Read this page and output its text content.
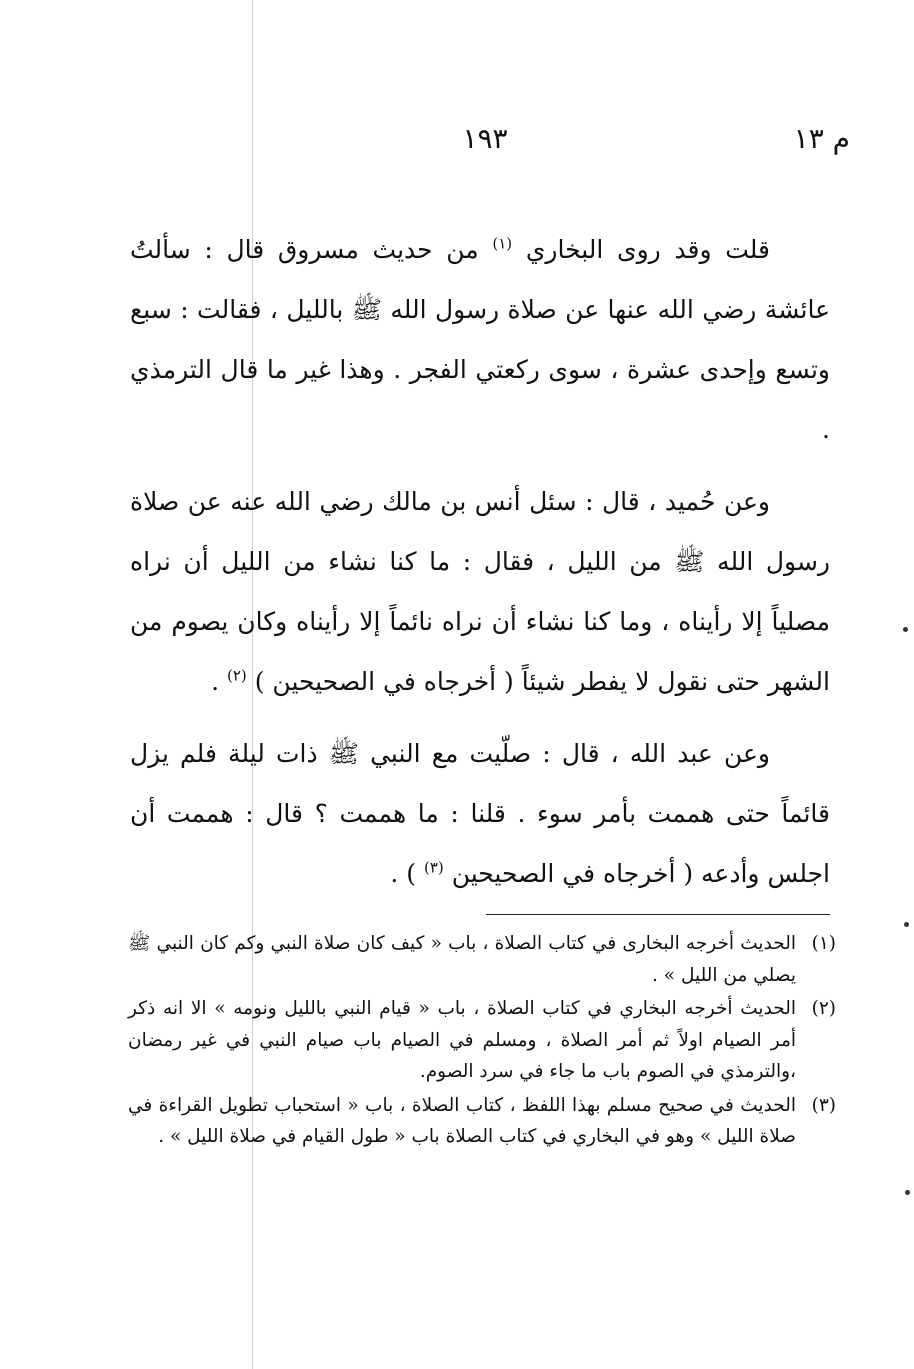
١٩٣	م ١٣

قلت وقد روى البخاري $^{(١)}$ من حديث مسروق قال : سألتُ عائشة رضي الله عنها عن صلاة رسول الله ﷺ بالليل ، فقالت : سبع وتسع وإحدى عشرة ، سوى ركعتي الفجر . وهذا غير ما قال الترمذي .

وعن حُميد ، قال : سئل أنس بن مالك رضي الله عنه عن صلاة رسول الله ﷺ من الليل ، فقال : ما كنا نشاء من الليل أن نراه مصلياً إلا رأيناه ، وما كنا نشاء أن نراه نائماً إلا رأيناه وكان يصوم من الشهر حتى نقول لا يفطر شيئاً ( أخرجاه في الصحيحين ) $^{(٢)}$ .

وعن عبد الله ، قال : صلّيت مع النبي ﷺ ذات ليلة فلم يزل قائماً حتى هممت بأمر سوء . قلنا : ما هممت ؟ قال : هممت أن اجلس وأدعه ( أخرجاه في الصحيحين $^{(٣)}$ ) .

(١)
الحديث أخرجه البخارى في كتاب الصلاة ، باب « كيف كان صلاة النبي وكم كان النبي ﷺ يصلي من الليل » .
(٢)
الحديث أخرجه البخاري في كتاب الصلاة ، باب « قيام النبي بالليل ونومه » الا انه ذكر أمر الصيام اولاً ثم أمر الصلاة ، ومسلم في الصيام باب صيام النبي في غير رمضان ،والترمذي في الصوم باب ما جاء في سرد الصوم.
(٣)
الحديث في صحيح مسلم بهذا اللفظ ، كتاب الصلاة ، باب « استحباب تطويل القراءة في صلاة الليل » وهو في البخاري في كتاب الصلاة باب « طول القيام في صلاة الليل » .
